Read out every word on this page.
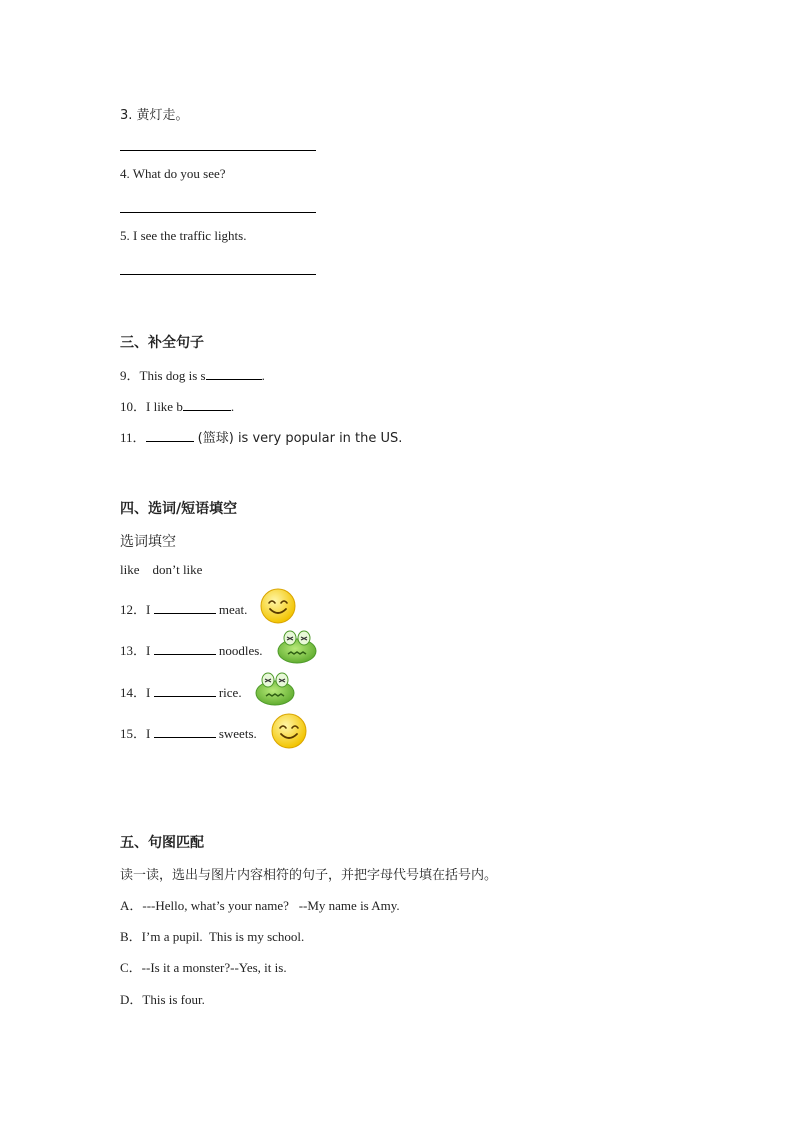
3. 黄灯走。
4. What do you see?
5. I see the traffic lights.
三、补全句子
9．This dog is s	.
10．I like b	.
11．	(篮球) is very popular in the US.
四、选词/短语填空
选词填空
like    don’t like
12．I	meat.
13．I	noodles.
14．I	rice.
15．I	sweets.
五、句图匹配
读一读，选出与图片内容相符的句子，并把字母代号填在括号内。
A．---Hello, what’s your name?   --My name is Amy.
B．I’m a pupil.  This is my school.
C．--Is it a monster?--Yes, it is.
D．This is four.
